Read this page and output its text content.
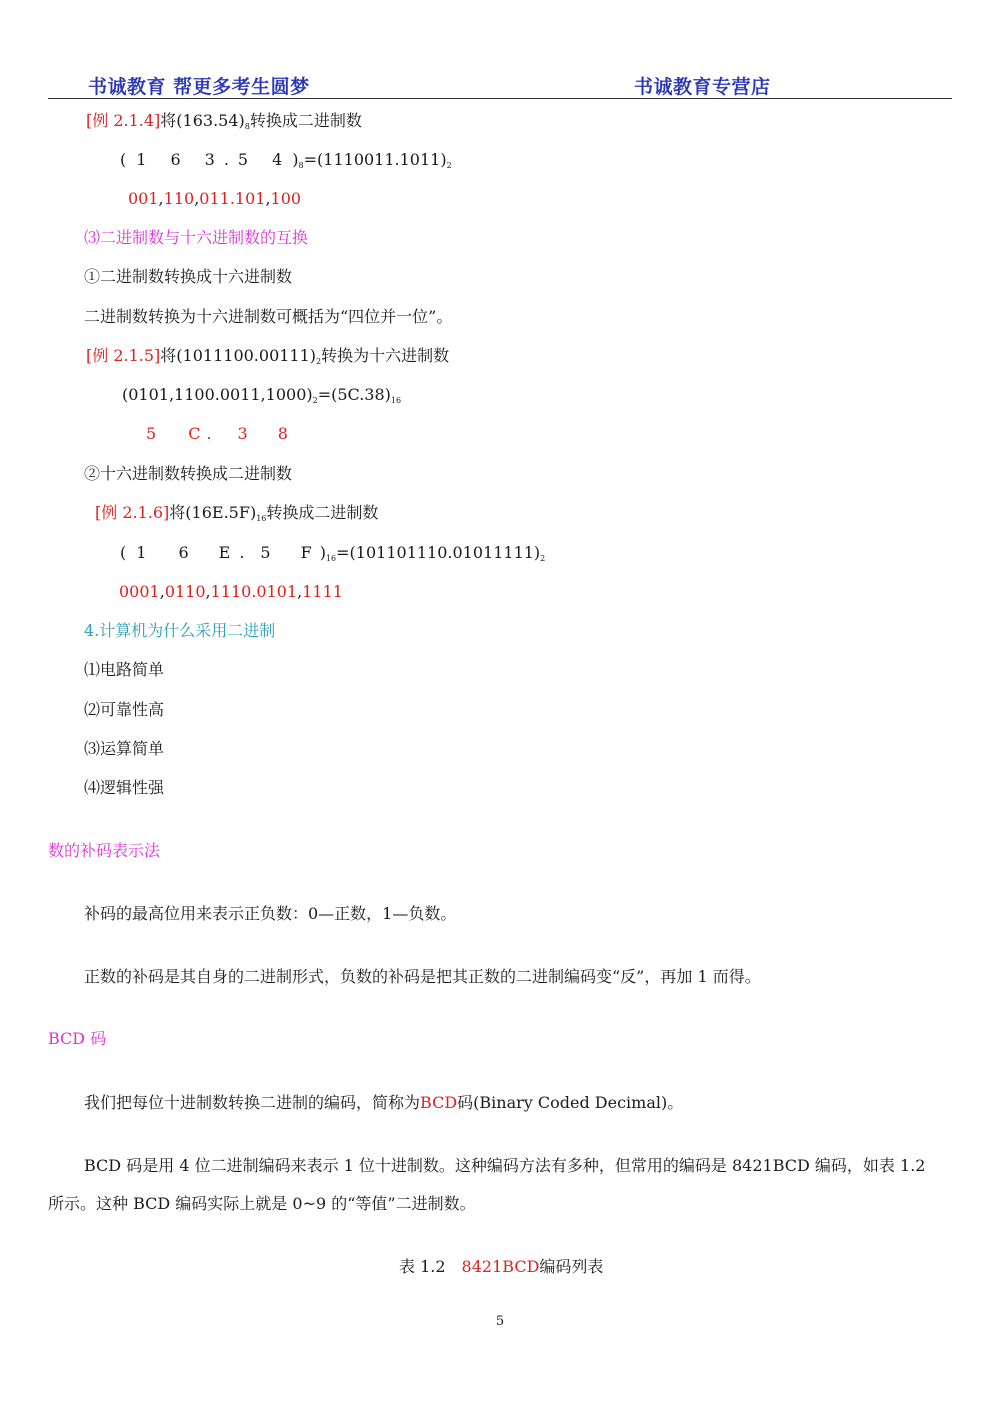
书诚教育 帮更多考生圆梦	书诚教育专营店
[例 2.1.4]将$(163.54)_8$转换成二进制数
( 1 6 3 . 5 4 )$_8=(1110011.1011)_2$
001,110,011.101,100
⑶二进制数与十六进制数的互换
①二进制数转换成十六进制数
二进制数转换为十六进制数可概括为“四位并一位”。
[例 2.1.5]将$(1011100.00111)_2$转换为十六进制数
$(0101,1100.0011,1000)_2=(5C.38)_{16}$
5 C . 3 8
②十六进制数转换成二进制数
[例 2.1.6]将$(16E.5F)_{16}$转换成二进制数
( 1 6 E . 5 F )$_{16}=(101101110.01011111)_2$
0001,0110,1110.0101,1111
4.计算机为什么采用二进制
⑴电路简单
⑵可靠性高
⑶运算简单
⑷逻辑性强
数的补码表示法
补码的最高位用来表示正负数：0—正数，1—负数。
正数的补码是其自身的二进制形式，负数的补码是把其正数的二进制编码变“反”，再加 1 而得。
BCD 码
我们把每位十进制数转换二进制的编码，简称为BCD码(Binary Coded Decimal)。
BCD 码是用 4 位二进制编码来表示 1 位十进制数。这种编码方法有多种，但常用的编码是 8421BCD 编码，如表 1.2
所示。这种 BCD 编码实际上就是 0~9 的“等值”二进制数。
表 1.2 8421BCD编码列表
5
